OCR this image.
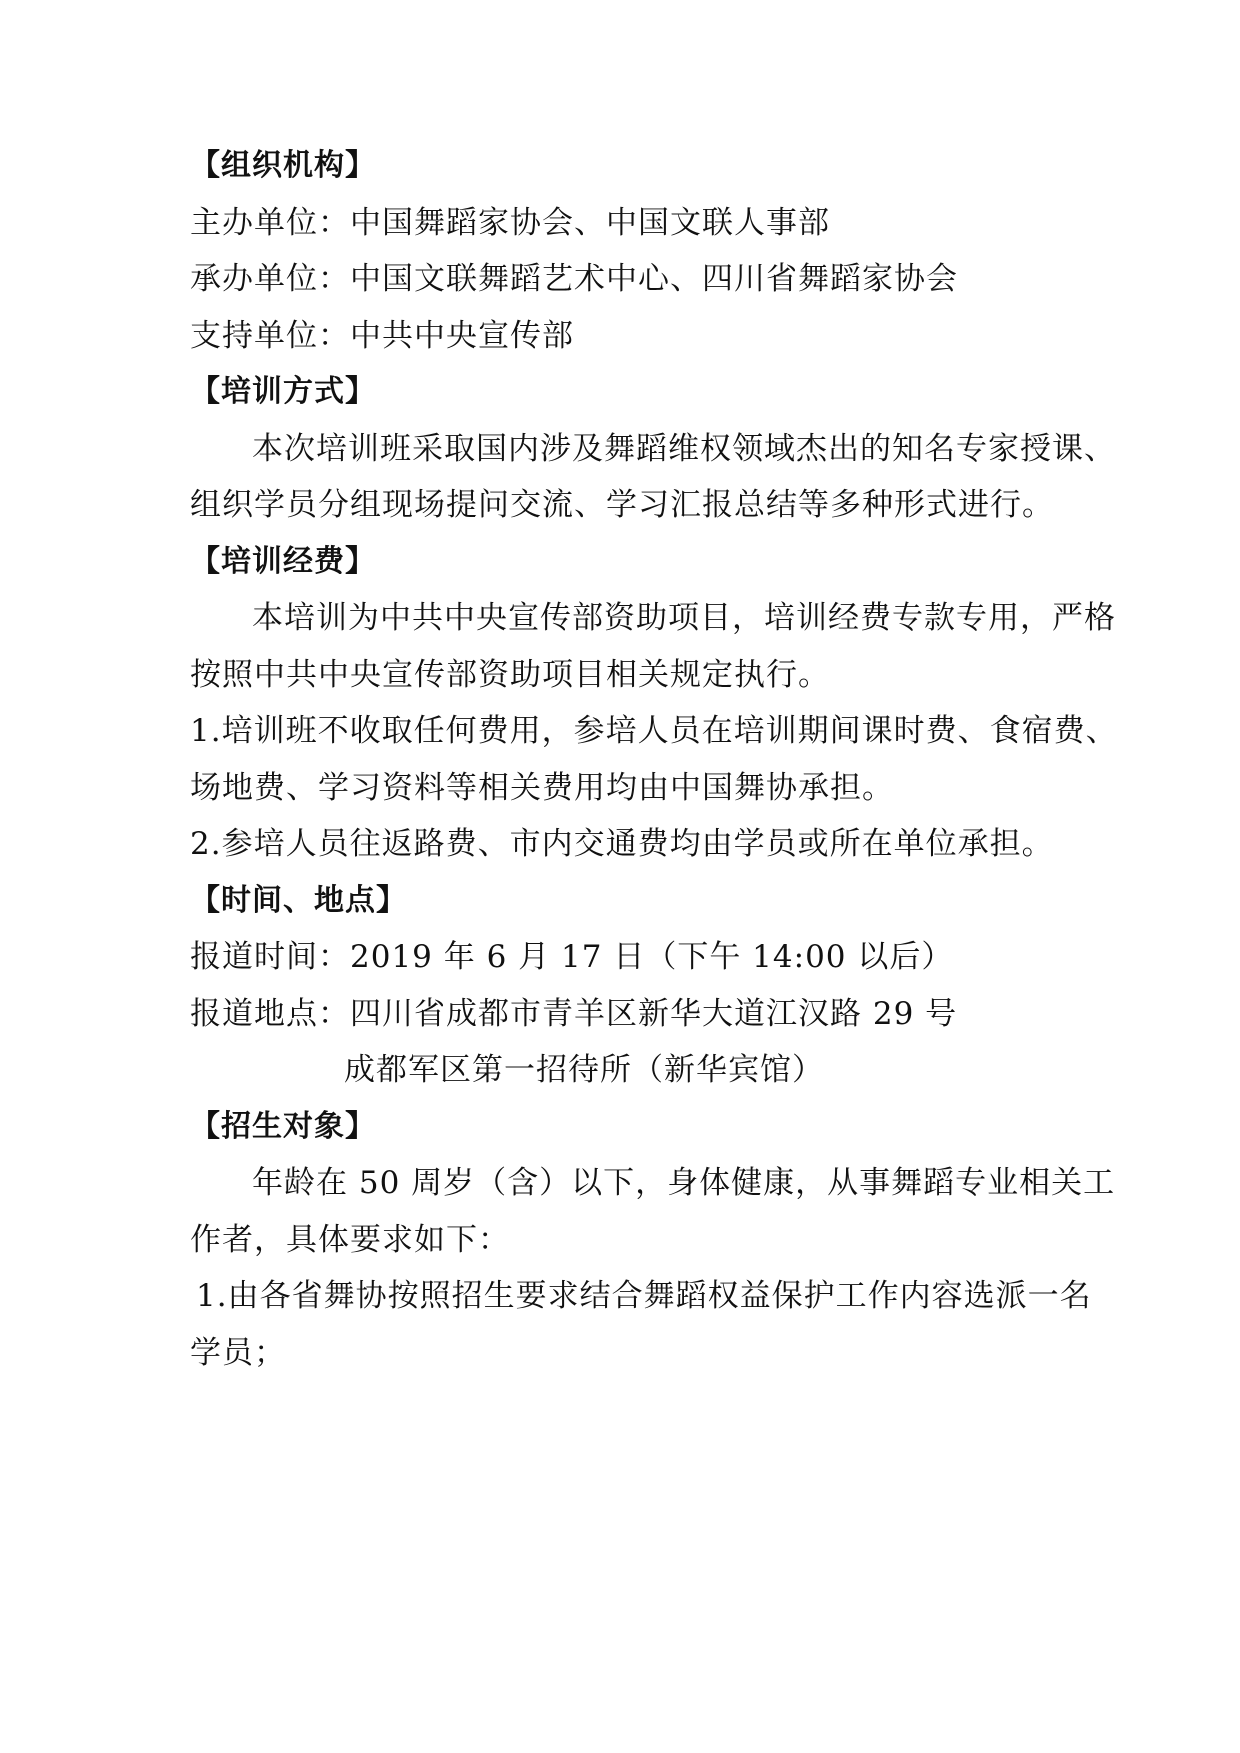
【组织机构】
主办单位：中国舞蹈家协会、中国文联人事部
承办单位：中国文联舞蹈艺术中心、四川省舞蹈家协会
支持单位：中共中央宣传部
【培训方式】
本次培训班采取国内涉及舞蹈维权领域杰出的知名专家授课、
组织学员分组现场提问交流、学习汇报总结等多种形式进行。
【培训经费】
本培训为中共中央宣传部资助项目，培训经费专款专用，严格
按照中共中央宣传部资助项目相关规定执行。
1.培训班不收取任何费用，参培人员在培训期间课时费、食宿费、
场地费、学习资料等相关费用均由中国舞协承担。
2.参培人员往返路费、市内交通费均由学员或所在单位承担。
【时间、地点】
报道时间：2019 年 6 月 17 日（下午 14:00 以后）
报道地点：四川省成都市青羊区新华大道江汉路 29 号
成都军区第一招待所（新华宾馆）
【招生对象】
年龄在 50 周岁（含）以下，身体健康，从事舞蹈专业相关工
作者，具体要求如下：
1.由各省舞协按照招生要求结合舞蹈权益保护工作内容选派一名
学员；
